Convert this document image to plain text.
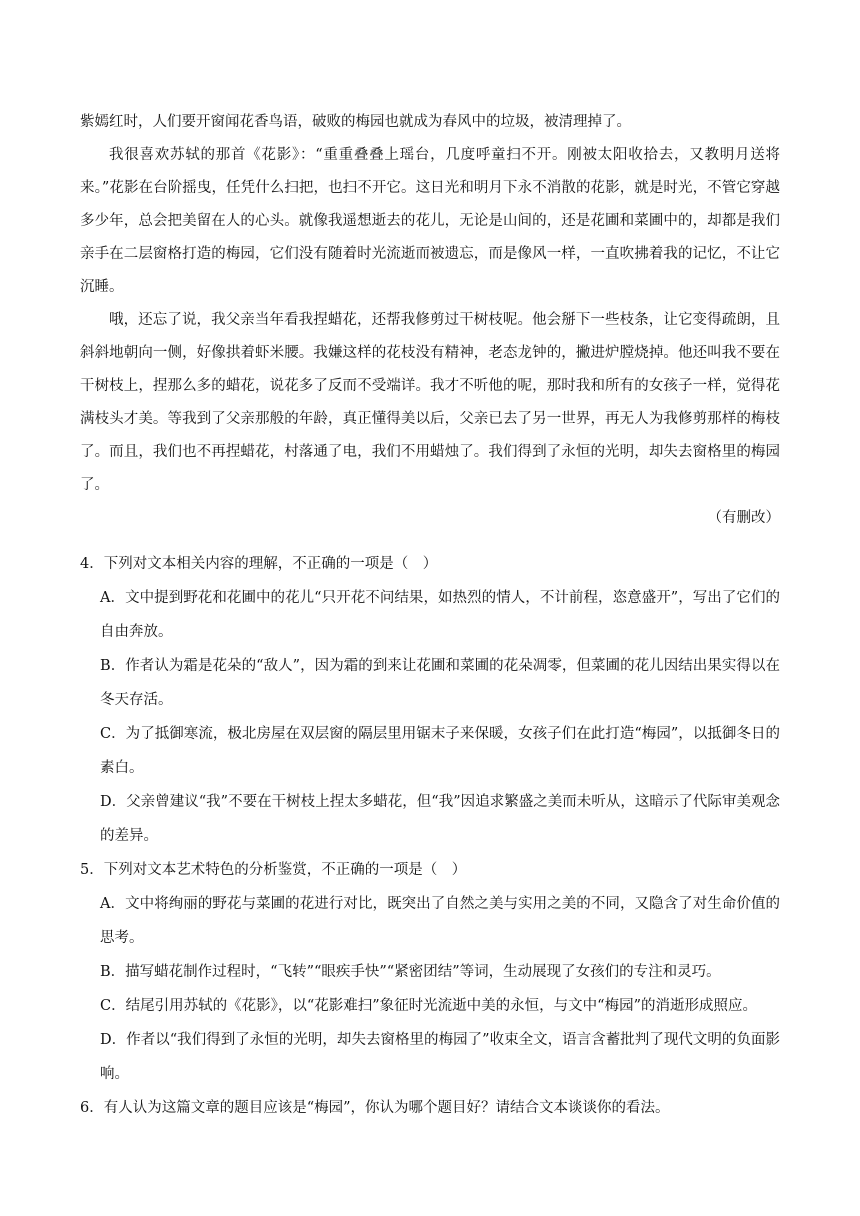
紫嫣红时，人们要开窗闻花香鸟语，破败的梅园也就成为春风中的垃圾，被清理掉了。

我很喜欢苏轼的那首《花影》：“重重叠叠上瑶台，几度呼童扫不开。刚被太阳收拾去，又教明月送将来。”花影在台阶摇曳，任凭什么扫把，也扫不开它。这日光和明月下永不消散的花影，就是时光，不管它穿越多少年，总会把美留在人的心头。就像我遥想逝去的花儿，无论是山间的，还是花圃和菜圃中的，却都是我们亲手在二层窗格打造的梅园，它们没有随着时光流逝而被遗忘，而是像风一样，一直吹拂着我的记忆，不让它沉睡。

哦，还忘了说，我父亲当年看我捏蜡花，还帮我修剪过干树枝呢。他会掰下一些枝条，让它变得疏朗，且斜斜地朝向一侧，好像拱着虾米腰。我嫌这样的花枝没有精神，老态龙钟的，撇进炉膛烧掉。他还叫我不要在干树枝上，捏那么多的蜡花，说花多了反而不受端详。我才不听他的呢，那时我和所有的女孩子一样，觉得花满枝头才美。等我到了父亲那般的年龄，真正懂得美以后，父亲已去了另一世界，再无人为我修剪那样的梅枝了。而且，我们也不再捏蜡花，村落通了电，我们不用蜡烛了。我们得到了永恒的光明，却失去窗格里的梅园了。

（有删改）

4．下列对文本相关内容的理解，不正确的一项是（　）

A．文中提到野花和花圃中的花儿“只开花不问结果，如热烈的情人，不计前程，恣意盛开”，写出了它们的自由奔放。

B．作者认为霜是花朵的“敌人”，因为霜的到来让花圃和菜圃的花朵凋零，但菜圃的花儿因结出果实得以在冬天存活。

C．为了抵御寒流，极北房屋在双层窗的隔层里用锯末子来保暖，女孩子们在此打造“梅园”，以抵御冬日的素白。

D．父亲曾建议“我”不要在干树枝上捏太多蜡花，但“我”因追求繁盛之美而未听从，这暗示了代际审美观念的差异。

5．下列对文本艺术特色的分析鉴赏，不正确的一项是（　）

A．文中将绚丽的野花与菜圃的花进行对比，既突出了自然之美与实用之美的不同，又隐含了对生命价值的思考。

B．描写蜡花制作过程时，“飞转”“眼疾手快”“紧密团结”等词，生动展现了女孩们的专注和灵巧。

C．结尾引用苏轼的《花影》，以“花影难扫”象征时光流逝中美的永恒，与文中“梅园”的消逝形成照应。

D．作者以“我们得到了永恒的光明，却失去窗格里的梅园了”收束全文，语言含蓄批判了现代文明的负面影响。

6．有人认为这篇文章的题目应该是“梅园”，你认为哪个题目好？请结合文本谈谈你的看法。
